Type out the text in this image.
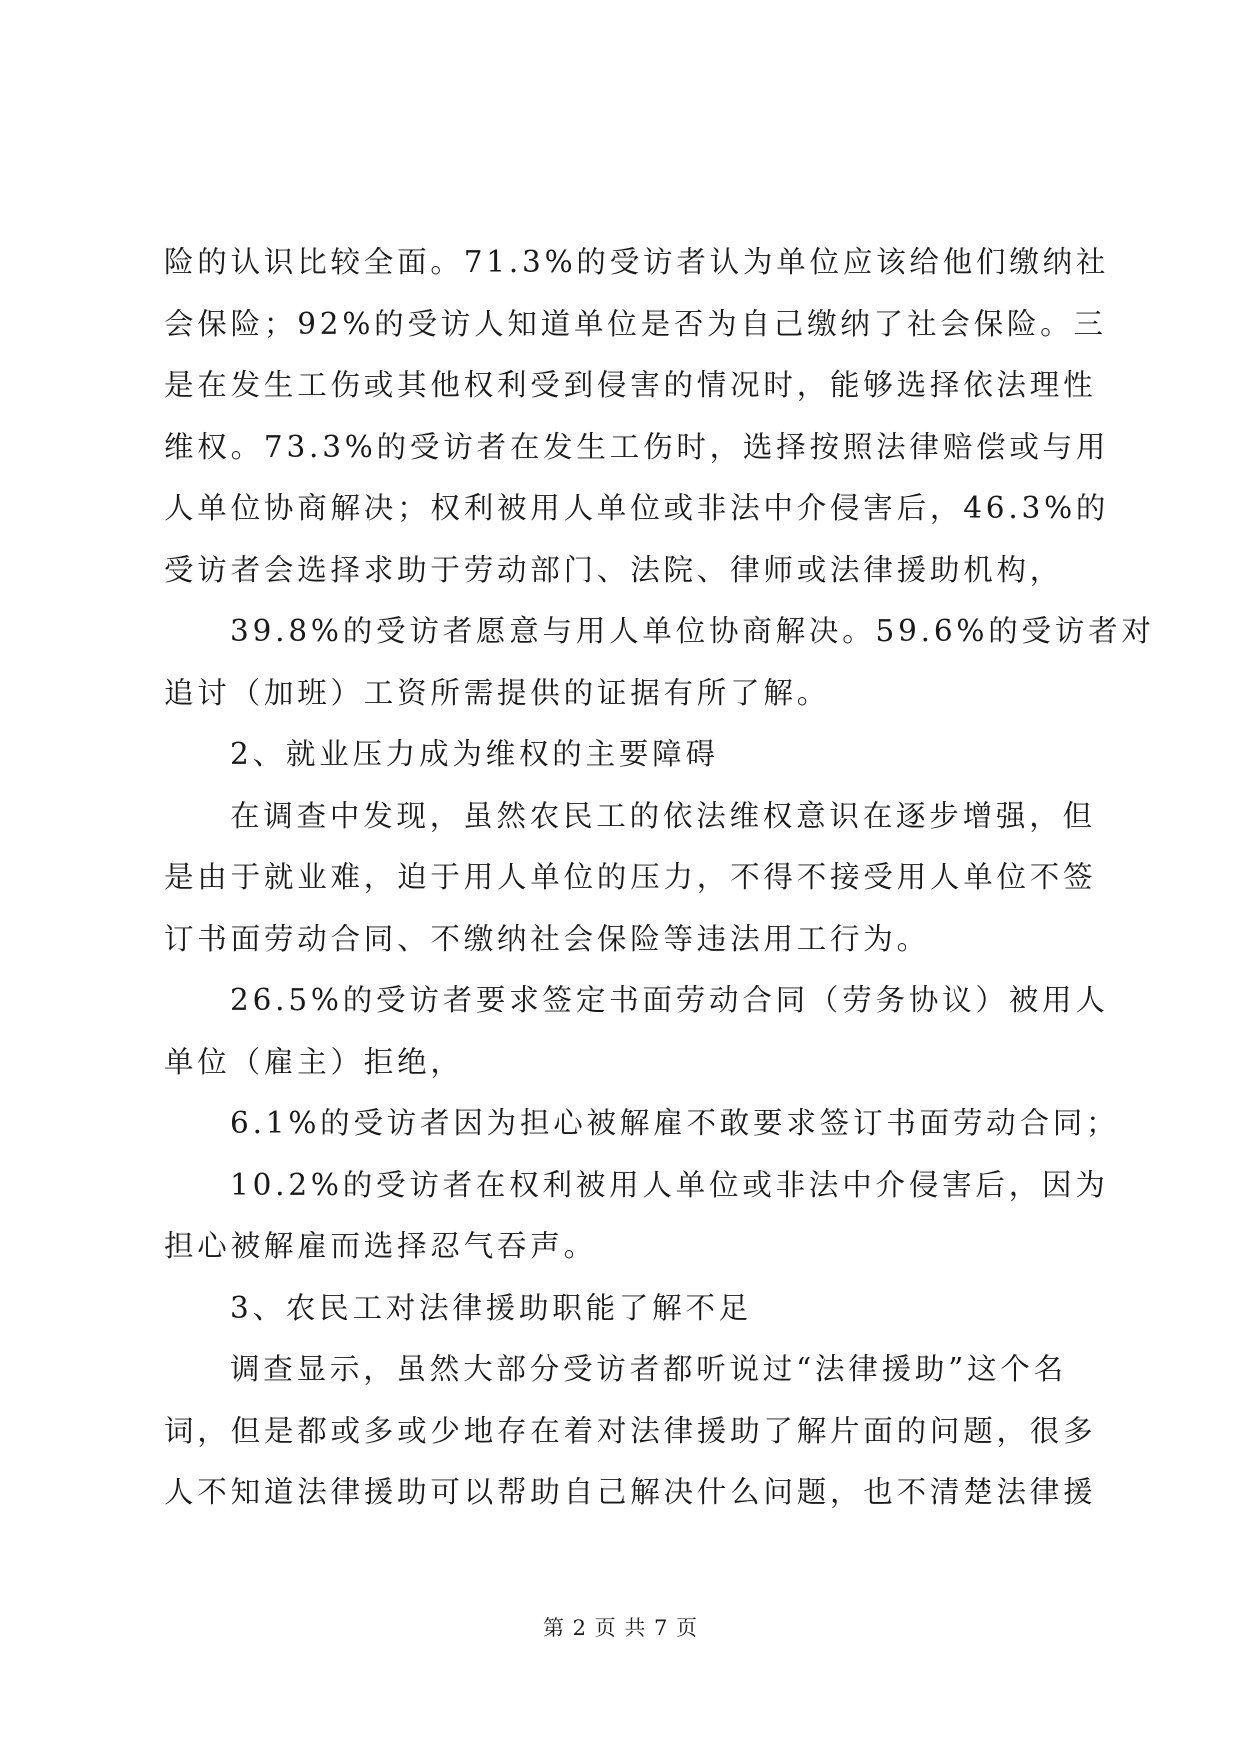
险的认识比较全面。71.3%的受访者认为单位应该给他们缴纳社
会保险；92%的受访人知道单位是否为自己缴纳了社会保险。三
是在发生工伤或其他权利受到侵害的情况时，能够选择依法理性
维权。73.3%的受访者在发生工伤时，选择按照法律赔偿或与用
人单位协商解决；权利被用人单位或非法中介侵害后，46.3%的
受访者会选择求助于劳动部门、法院、律师或法律援助机构，
39.8%的受访者愿意与用人单位协商解决。59.6%的受访者对
追讨（加班）工资所需提供的证据有所了解。
2、就业压力成为维权的主要障碍
在调查中发现，虽然农民工的依法维权意识在逐步增强，但
是由于就业难，迫于用人单位的压力，不得不接受用人单位不签
订书面劳动合同、不缴纳社会保险等违法用工行为。
26.5%的受访者要求签定书面劳动合同（劳务协议）被用人
单位（雇主）拒绝，
6.1%的受访者因为担心被解雇不敢要求签订书面劳动合同；
10.2%的受访者在权利被用人单位或非法中介侵害后，因为
担心被解雇而选择忍气吞声。
3、农民工对法律援助职能了解不足
调查显示，虽然大部分受访者都听说过“法律援助”这个名
词，但是都或多或少地存在着对法律援助了解片面的问题，很多
人不知道法律援助可以帮助自己解决什么问题，也不清楚法律援
第 2 页 共 7 页
